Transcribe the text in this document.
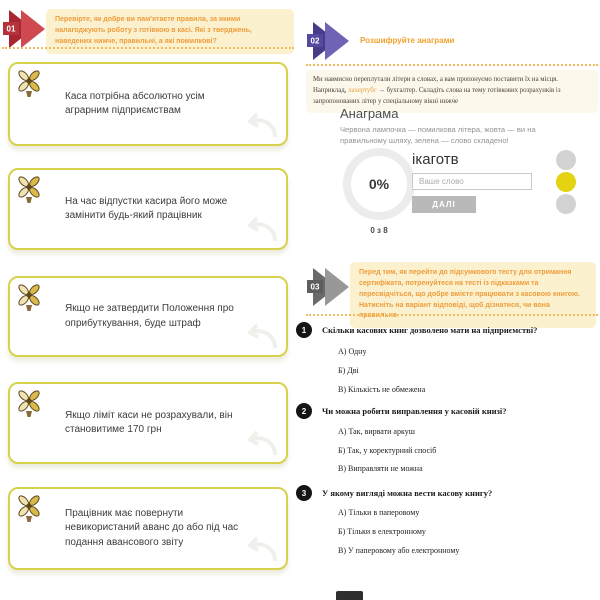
01
Перевірте, як добре ви пам'ятаєте правила, за якими налагоджують роботу з готівкою в касі. Які з тверджень, наведених нижче, правильні, а які помилкові?
Каса потрібна абсолютно усім аграрним підприємствам
На час відпустки касира його може замінити будь-який працівник
Якщо не затвердити Положення про оприбуткування, буде штраф
Якщо ліміт каси не розрахували, він становитиме 170 грн
Працівник має повернути невикористаний аванс до або під час подання авансового звіту
02	Розшифруйте анаграми
Ми навмисно переплутали літери в словах, а вам пропонуємо поставити їх на місця. Наприклад, лахертубг → бухгалтер. Складіть слова на тему готівкових розрахунків із запропонованих літер у спеціальному вікні нижче
Анаграма
Червона лампочка — помилкова літера, жовта — ви на правильному шляху, зелена — слово складено!
0%
0 з 8
ікаготв
Ваше слово
ДАЛІ
03
Перед тим, як перейти до підсумкового тесту для отримання сертифіката, потренуйтеся на тесті із підказками та пересвідчіться, що добре вмієте працювати з касовою книгою. Натисніть на варіант відповіді, щоб дізнатися, чи вона правильна
1	Скільки касових книг дозволено мати на підприємстві?
А) Одну
Б) Дві
В) Кількість не обмежена
2	Чи можна робити виправлення у касовій книзі?
А) Так, вирвати аркуш
Б) Так, у коректурний спосіб
В) Виправляти не можна
3	У якому вигляді можна вести касову книгу?
А) Тільки в паперовому
Б) Тільки в електронному
В) У паперовому або електронному
